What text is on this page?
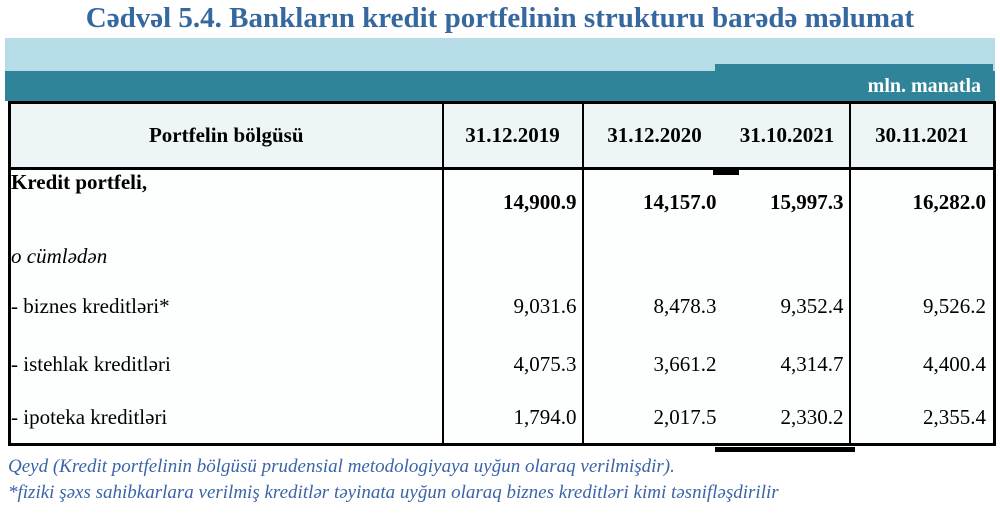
Cədvəl 5.4. Bankların kredit portfelinin strukturu barədə məlumat
mln. manatla
Portfelin bölgüsü	31.12.2019	31.12.2020	31.10.2021	30.11.2021
Kredit portfeli,	14,900.9	14,157.0	15,997.3	16,282.0
o cümlədən				
- biznes kreditləri*	9,031.6	8,478.3	9,352.4	9,526.2
- istehlak kreditləri	4,075.3	3,661.2	4,314.7	4,400.4
- ipoteka kreditləri	1,794.0	2,017.5	2,330.2	2,355.4
Qeyd (Kredit portfelinin bölgüsü prudensial metodologiyaya uyğun olaraq verilmişdir).
*fiziki şəxs sahibkarlara verilmiş kreditlər təyinata uyğun olaraq biznes kreditləri kimi təsnifləşdirilir
